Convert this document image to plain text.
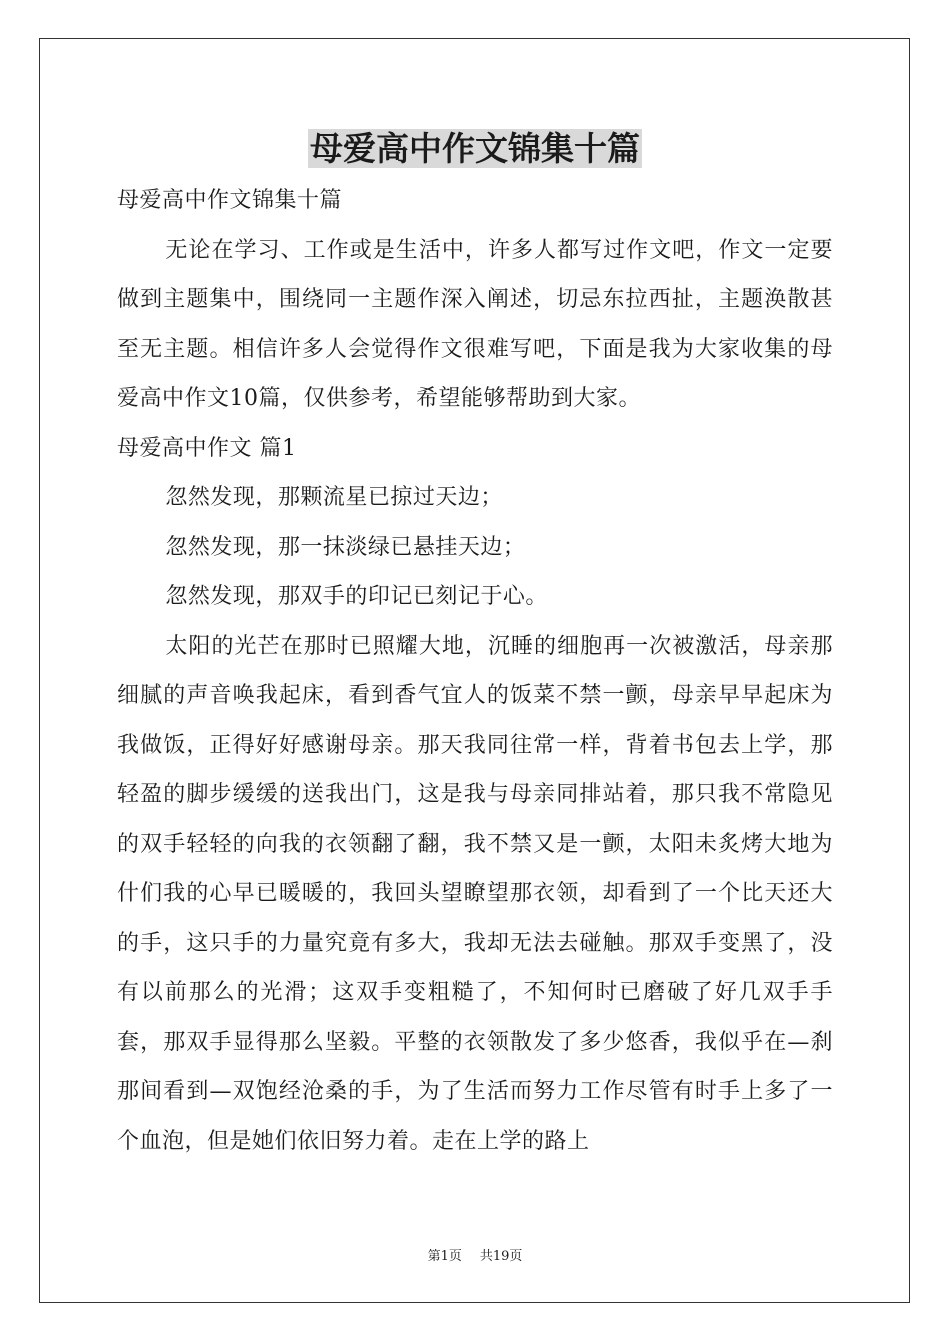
母爱高中作文锦集十篇

母爱高中作文锦集十篇

无论在学习、工作或是生活中，许多人都写过作文吧，作文一定要做到主题集中，围绕同一主题作深入阐述，切忌东拉西扯，主题涣散甚至无主题。相信许多人会觉得作文很难写吧，下面是我为大家收集的母爱高中作文10篇，仅供参考，希望能够帮助到大家。

母爱高中作文 篇1

忽然发现，那颗流星已掠过天边；

忽然发现，那一抹淡绿已悬挂天边；

忽然发现，那双手的印记已刻记于心。

太阳的光芒在那时已照耀大地，沉睡的细胞再一次被激活，母亲那细腻的声音唤我起床，看到香气宜人的饭菜不禁一颤，母亲早早起床为我做饭，正得好好感谢母亲。那天我同往常一样，背着书包去上学，那轻盈的脚步缓缓的送我出门，这是我与母亲同排站着，那只我不常隐见的双手轻轻的向我的衣领翻了翻，我不禁又是一颤，太阳未炙烤大地为什们我的心早已暖暖的，我回头望瞭望那衣领，却看到了一个比天还大的手，这只手的力量究竟有多大，我却无法去碰触。那双手变黑了，没有以前那么的光滑；这双手变粗糙了，不知何时已磨破了好几双手手套，那双手显得那么坚毅。平整的衣领散发了多少悠香，我似乎在—刹那间看到—双饱经沧桑的手，为了生活而努力工作尽管有时手上多了一个血泡，但是她们依旧努力着。走在上学的路上

第1页 共19页
